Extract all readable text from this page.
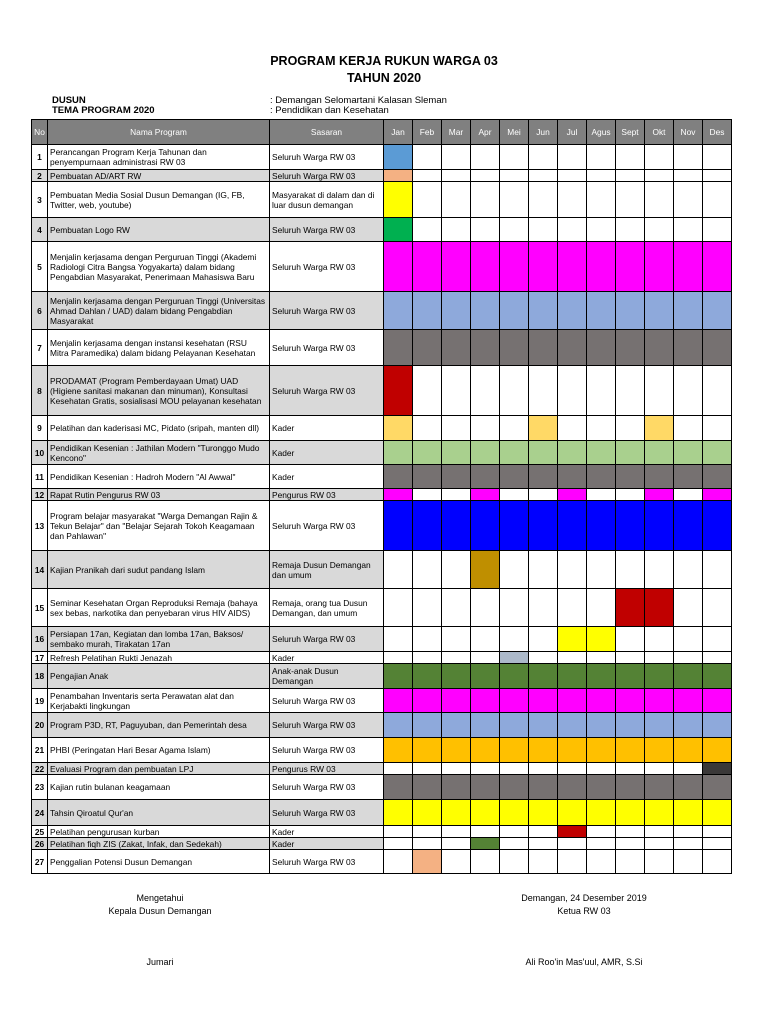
PROGRAM KERJA RUKUN WARGA 03
TAHUN 2020
DUSUN	: Demangan Selomartani Kalasan Sleman
TEMA PROGRAM 2020	: Pendidikan dan Kesehatan
No	Nama Program	Sasaran	Jan	Feb	Mar	Apr	Mei	Jun	Jul	Agus	Sept	Okt	Nov	Des
1	Perancangan Program Kerja Tahunan dan penyempurnaan administrasi RW 03	Seluruh Warga RW 03												
2	Pembuatan AD/ART RW	Seluruh Warga RW 03												
3	Pembuatan Media Sosial Dusun Demangan (IG, FB, Twitter, web, youtube)	Masyarakat di dalam dan di luar dusun demangan												
4	Pembuatan Logo RW	Seluruh Warga RW 03												
5	Menjalin kerjasama dengan Perguruan Tinggi (Akademi Radiologi Citra Bangsa Yogyakarta) dalam bidang Pengabdian Masyarakat, Penerimaan Mahasiswa Baru	Seluruh Warga RW 03												
6	Menjalin kerjasama dengan Perguruan Tinggi (Universitas Ahmad Dahlan / UAD) dalam bidang Pengabdian Masyarakat	Seluruh Warga RW 03												
7	Menjalin kerjasama dengan instansi kesehatan (RSU Mitra Paramedika) dalam bidang Pelayanan Kesehatan	Seluruh Warga RW 03												
8	PRODAMAT (Program Pemberdayaan Umat) UAD (Higiene sanitasi makanan dan minuman), Konsultasi Kesehatan Gratis, sosialisasi MOU pelayanan kesehatan	Seluruh Warga RW 03												
9	Pelatihan dan kaderisasi MC, Pidato (sripah, manten dll)	Kader												
10	Pendidikan Kesenian : Jathilan Modern "Turonggo Mudo Kencono"	Kader												
11	Pendidikan Kesenian : Hadroh Modern "Al Awwal"	Kader												
12	Rapat Rutin Pengurus RW 03	Pengurus RW 03												
13	Program belajar masyarakat "Warga Demangan Rajin & Tekun Belajar" dan "Belajar Sejarah Tokoh Keagamaan dan Pahlawan"	Seluruh Warga RW 03												
14	Kajian Pranikah dari sudut pandang Islam	Remaja Dusun Demangan dan umum												
15	Seminar Kesehatan Organ Reproduksi Remaja (bahaya sex bebas, narkotika dan penyebaran virus HIV AIDS)	Remaja, orang tua Dusun Demangan, dan umum												
16	Persiapan 17an, Kegiatan dan lomba 17an, Baksos/ sembako murah, Tirakatan 17an	Seluruh Warga RW 03												
17	Refresh Pelatihan Rukti Jenazah	Kader												
18	Pengajian Anak	Anak-anak Dusun Demangan												
19	Penambahan Inventaris serta Perawatan alat dan Kerjabakti lingkungan	Seluruh Warga RW 03												
20	Program P3D, RT, Paguyuban, dan Pemerintah desa	Seluruh Warga RW 03												
21	PHBI (Peringatan Hari Besar Agama Islam)	Seluruh Warga RW 03												
22	Evaluasi Program dan pembuatan LPJ	Pengurus RW 03												
23	Kajian rutin bulanan keagamaan	Seluruh Warga RW 03												
24	Tahsin Qiroatul Qur'an	Seluruh Warga RW 03												
25	Pelatihan pengurusan kurban	Kader												
26	Pelatihan fiqh ZIS (Zakat, Infak, dan Sedekah)	Kader												
27	Penggalian Potensi Dusun Demangan	Seluruh Warga RW 03												
Mengetahui
Kepala Dusun Demangan
Jumari
Demangan, 24 Desember 2019
Ketua RW 03
Ali Roo'in Mas'uul, AMR, S.Si
